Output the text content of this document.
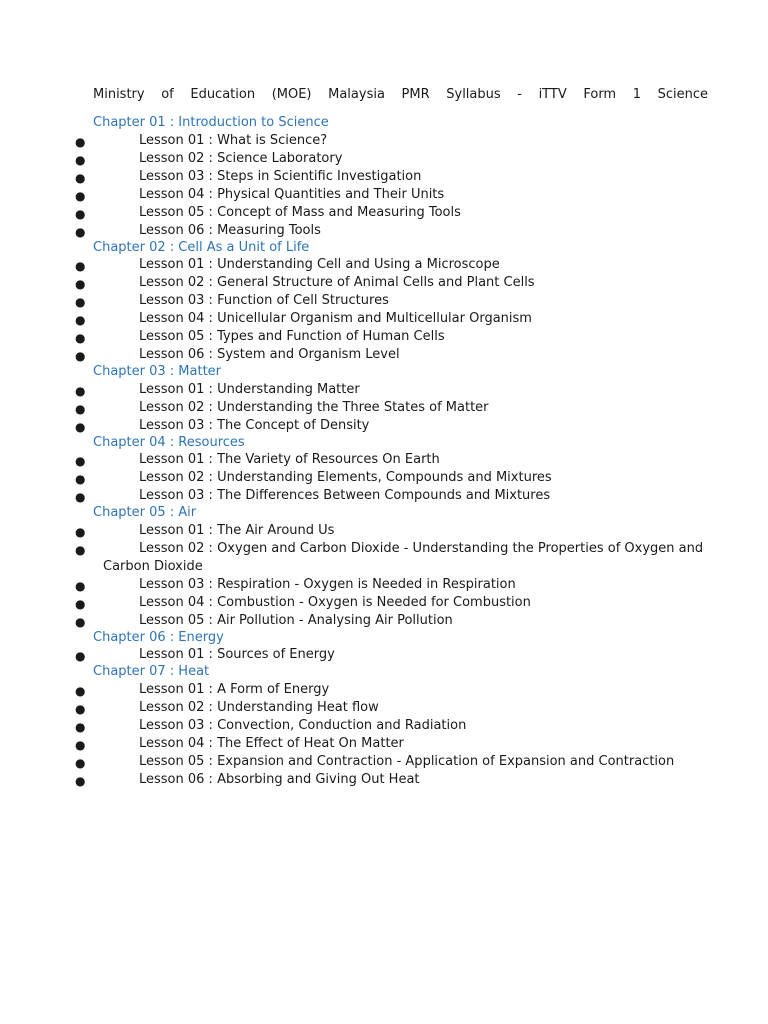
Ministry of Education (MOE) Malaysia PMR Syllabus - iTTV Form 1 Science
Chapter 01 : Introduction to Science
●	Lesson 01 : What is Science?
●	Lesson 02 : Science Laboratory
●	Lesson 03 : Steps in Scientific Investigation
●	Lesson 04 : Physical Quantities and Their Units
●	Lesson 05 : Concept of Mass and Measuring Tools
●	Lesson 06 : Measuring Tools
Chapter 02 : Cell As a Unit of Life
●	Lesson 01 : Understanding Cell and Using a Microscope
●	Lesson 02 : General Structure of Animal Cells and Plant Cells
●	Lesson 03 : Function of Cell Structures
●	Lesson 04 : Unicellular Organism and Multicellular Organism
●	Lesson 05 : Types and Function of Human Cells
●	Lesson 06 : System and Organism Level
Chapter 03 : Matter
●	Lesson 01 : Understanding Matter
●	Lesson 02 : Understanding the Three States of Matter
●	Lesson 03 : The Concept of Density
Chapter 04 : Resources
●	Lesson 01 : The Variety of Resources On Earth
●	Lesson 02 : Understanding Elements, Compounds and Mixtures
●	Lesson 03 : The Differences Between Compounds and Mixtures
Chapter 05 : Air
●	Lesson 01 : The Air Around Us
●	Lesson 02 : Oxygen and Carbon Dioxide - Understanding the Properties of Oxygen and Carbon Dioxide
●	Lesson 03 : Respiration - Oxygen is Needed in Respiration
●	Lesson 04 : Combustion - Oxygen is Needed for Combustion
●	Lesson 05 : Air Pollution - Analysing Air Pollution
Chapter 06 : Energy
●	Lesson 01 : Sources of Energy
Chapter 07 : Heat
●	Lesson 01 : A Form of Energy
●	Lesson 02 : Understanding Heat flow
●	Lesson 03 : Convection, Conduction and Radiation
●	Lesson 04 : The Effect of Heat On Matter
●	Lesson 05 : Expansion and Contraction - Application of Expansion and Contraction
●	Lesson 06 : Absorbing and Giving Out Heat
